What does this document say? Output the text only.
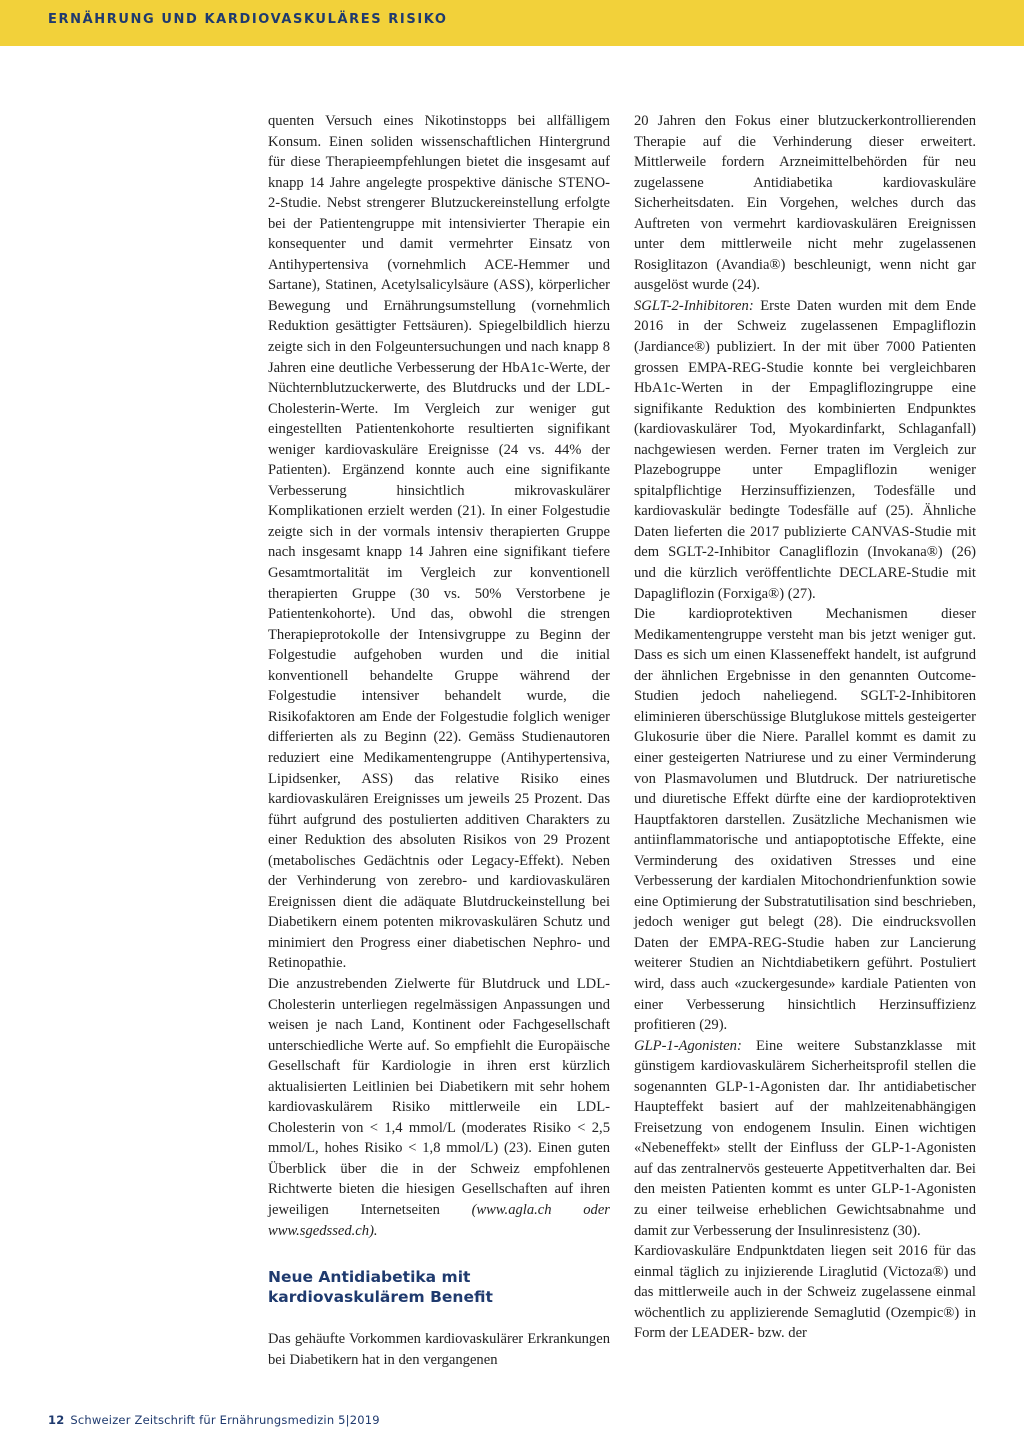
ERNÄHRUNG UND KARDIOVASKULÄRES RISIKO

quenten Versuch eines Nikotinstopps bei allfälligem Konsum. Einen soliden wissenschaftlichen Hintergrund für diese Therapieempfehlungen bietet die insgesamt auf knapp 14 Jahre angelegte prospektive dänische STENO-2-Studie. Nebst strengerer Blutzuckereinstellung erfolgte bei der Patientengruppe mit intensivierter Therapie ein konsequenter und damit vermehrter Einsatz von Antihypertensiva (vornehmlich ACE-Hemmer und Sartane), Statinen, Acetylsalicylsäure (ASS), körperlicher Bewegung und Ernährungsumstellung (vornehmlich Reduktion gesättigter Fettsäuren). Spiegelbildlich hierzu zeigte sich in den Folgeuntersuchungen und nach knapp 8 Jahren eine deutliche Verbesserung der HbA1c-Werte, der Nüchternblutzuckerwerte, des Blutdrucks und der LDL-Cholesterin-Werte. Im Vergleich zur weniger gut eingestellten Patientenkohorte resultierten signifikant weniger kardiovaskuläre Ereignisse (24 vs. 44% der Patienten). Ergänzend konnte auch eine signifikante Verbesserung hinsichtlich mikrovaskulärer Komplikationen erzielt werden (21). In einer Folgestudie zeigte sich in der vormals intensiv therapierten Gruppe nach insgesamt knapp 14 Jahren eine signifikant tiefere Gesamtmortalität im Vergleich zur konventionell therapierten Gruppe (30 vs. 50% Verstorbene je Patientenkohorte). Und das, obwohl die strengen Therapieprotokolle der Intensivgruppe zu Beginn der Folgestudie aufgehoben wurden und die initial konventionell behandelte Gruppe während der Folgestudie intensiver behandelt wurde, die Risikofaktoren am Ende der Folgestudie folglich weniger differierten als zu Beginn (22). Gemäss Studienautoren reduziert eine Medikamentengruppe (Antihypertensiva, Lipidsenker, ASS) das relative Risiko eines kardiovaskulären Ereignisses um jeweils 25 Prozent. Das führt aufgrund des postulierten additiven Charakters zu einer Reduktion des absoluten Risikos von 29 Prozent (metabolisches Gedächtnis oder Legacy-Effekt). Neben der Verhinderung von zerebro- und kardiovaskulären Ereignissen dient die adäquate Blutdruckeinstellung bei Diabetikern einem potenten mikrovaskulären Schutz und minimiert den Progress einer diabetischen Nephro- und Retinopathie.

Die anzustrebenden Zielwerte für Blutdruck und LDL-Cholesterin unterliegen regelmässigen Anpassungen und weisen je nach Land, Kontinent oder Fachgesellschaft unterschiedliche Werte auf. So empfiehlt die Europäische Gesellschaft für Kardiologie in ihren erst kürzlich aktualisierten Leitlinien bei Diabetikern mit sehr hohem kardiovaskulärem Risiko mittlerweile ein LDL-Cholesterin von < 1,4 mmol/L (moderates Risiko < 2,5 mmol/L, hohes Risiko < 1,8 mmol/L) (23). Einen guten Überblick über die in der Schweiz empfohlenen Richtwerte bieten die hiesigen Gesellschaften auf ihren jeweiligen Internetseiten (www.agla.ch oder www.sgedssed.ch).

Neue Antidiabetika mit kardiovaskulärem Benefit

Das gehäufte Vorkommen kardiovaskulärer Erkrankungen bei Diabetikern hat in den vergangenen

20 Jahren den Fokus einer blutzuckerkontrollierenden Therapie auf die Verhinderung dieser erweitert. Mittlerweile fordern Arzneimittelbehörden für neu zugelassene Antidiabetika kardiovaskuläre Sicherheitsdaten. Ein Vorgehen, welches durch das Auftreten von vermehrt kardiovaskulären Ereignissen unter dem mittlerweile nicht mehr zugelassenen Rosiglitazon (Avandia®) beschleunigt, wenn nicht gar ausgelöst wurde (24).

SGLT-2-Inhibitoren: Erste Daten wurden mit dem Ende 2016 in der Schweiz zugelassenen Empagliflozin (Jardiance®) publiziert. In der mit über 7000 Patienten grossen EMPA-REG-Studie konnte bei vergleichbaren HbA1c-Werten in der Empagliflozingruppe eine signifikante Reduktion des kombinierten Endpunktes (kardiovaskulärer Tod, Myokardinfarkt, Schlaganfall) nachgewiesen werden. Ferner traten im Vergleich zur Plazebogruppe unter Empagliflozin weniger spitalpflichtige Herzinsuffizienzen, Todesfälle und kardiovaskulär bedingte Todesfälle auf (25). Ähnliche Daten lieferten die 2017 publizierte CANVAS-Studie mit dem SGLT-2-Inhibitor Canagliflozin (Invokana®) (26) und die kürzlich veröffentlichte DECLARE-Studie mit Dapagliflozin (Forxiga®) (27).

Die kardioprotektiven Mechanismen dieser Medikamentengruppe versteht man bis jetzt weniger gut. Dass es sich um einen Klasseneffekt handelt, ist aufgrund der ähnlichen Ergebnisse in den genannten Outcome-Studien jedoch naheliegend. SGLT-2-Inhibitoren eliminieren überschüssige Blutglukose mittels gesteigerter Glukosurie über die Niere. Parallel kommt es damit zu einer gesteigerten Natriurese und zu einer Verminderung von Plasmavolumen und Blutdruck. Der natriuretische und diuretische Effekt dürfte eine der kardioprotektiven Hauptfaktoren darstellen. Zusätzliche Mechanismen wie antiinflammatorische und antiapoptotische Effekte, eine Verminderung des oxidativen Stresses und eine Verbesserung der kardialen Mitochondrienfunktion sowie eine Optimierung der Substratutilisation sind beschrieben, jedoch weniger gut belegt (28). Die eindrucksvollen Daten der EMPA-REG-Studie haben zur Lancierung weiterer Studien an Nichtdiabetikern geführt. Postuliert wird, dass auch «zuckergesunde» kardiale Patienten von einer Verbesserung hinsichtlich Herzinsuffizienz profitieren (29).

GLP-1-Agonisten: Eine weitere Substanzklasse mit günstigem kardiovaskulärem Sicherheitsprofil stellen die sogenannten GLP-1-Agonisten dar. Ihr antidiabetischer Haupteffekt basiert auf der mahlzeitenabhängigen Freisetzung von endogenem Insulin. Einen wichtigen «Nebeneffekt» stellt der Einfluss der GLP-1-Agonisten auf das zentralnervös gesteuerte Appetitverhalten dar. Bei den meisten Patienten kommt es unter GLP-1-Agonisten zu einer teilweise erheblichen Gewichtsabnahme und damit zur Verbesserung der Insulinresistenz (30).

Kardiovaskuläre Endpunktdaten liegen seit 2016 für das einmal täglich zu injizierende Liraglutid (Victoza®) und das mittlerweile auch in der Schweiz zugelassene einmal wöchentlich zu applizierende Semaglutid (Ozempic®) in Form der LEADER- bzw. der

12 Schweizer Zeitschrift für Ernährungsmedizin 5|2019
